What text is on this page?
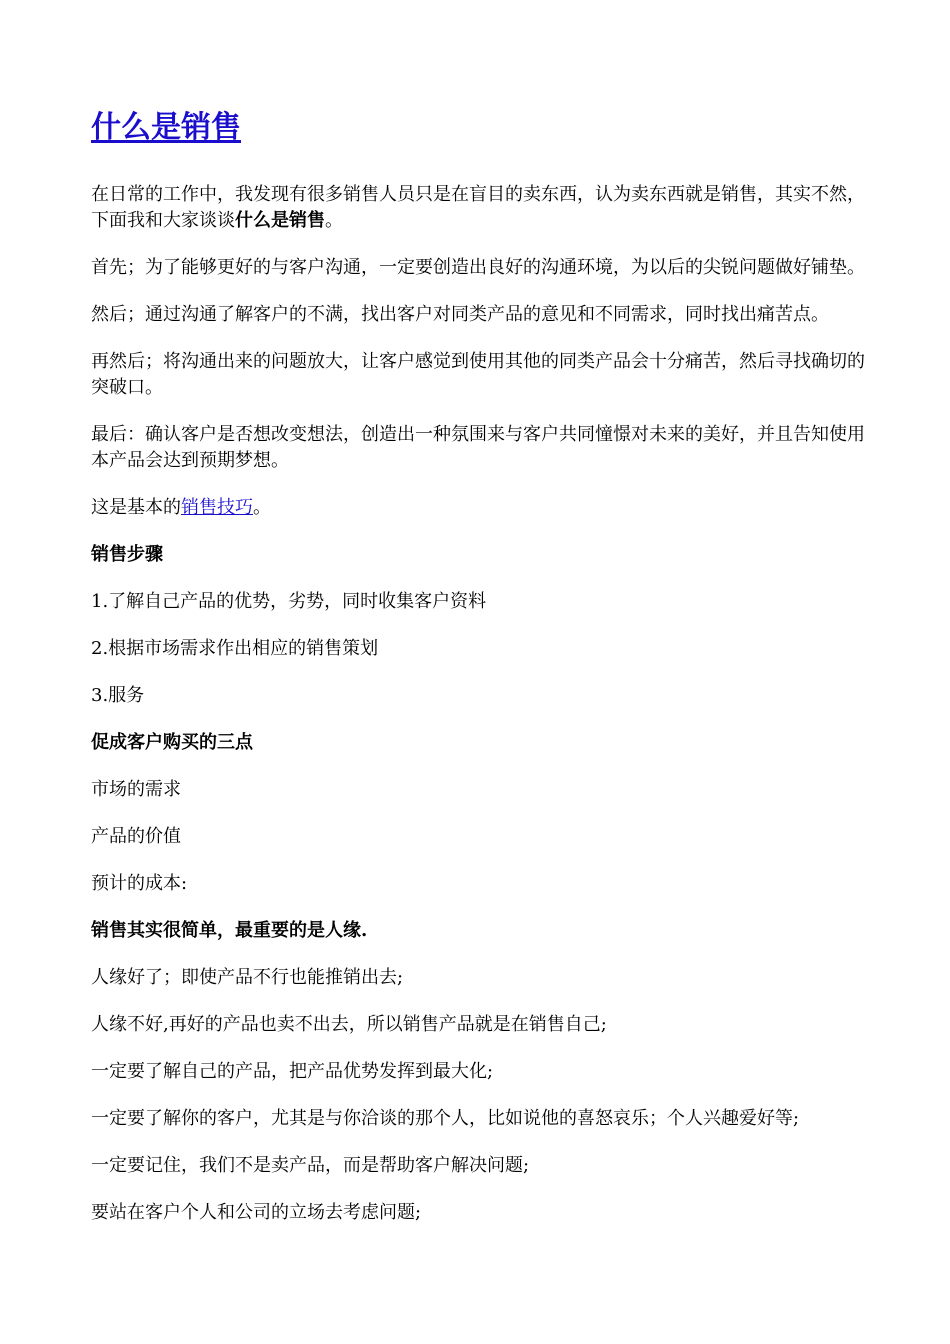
什么是销售

在日常的工作中，我发现有很多销售人员只是在盲目的卖东西，认为卖东西就是销售，其实不然，下面我和大家谈谈什么是销售。

首先；为了能够更好的与客户沟通，一定要创造出良好的沟通环境，为以后的尖锐问题做好铺垫。

然后；通过沟通了解客户的不满，找出客户对同类产品的意见和不同需求，同时找出痛苦点。

再然后；将沟通出来的问题放大，让客户感觉到使用其他的同类产品会十分痛苦，然后寻找确切的突破口。

最后：确认客户是否想改变想法，创造出一种氛围来与客户共同憧憬对未来的美好，并且告知使用本产品会达到预期梦想。

这是基本的销售技巧。

销售步骤

1.了解自己产品的优势，劣势，同时收集客户资料

2.根据市场需求作出相应的销售策划

3.服务

促成客户购买的三点

市场的需求

产品的价值

预计的成本:

销售其实很简单，最重要的是人缘.

人缘好了；即使产品不行也能推销出去;

人缘不好,再好的产品也卖不出去，所以销售产品就是在销售自己;

一定要了解自己的产品，把产品优势发挥到最大化;

一定要了解你的客户，尤其是与你洽谈的那个人，比如说他的喜怒哀乐；个人兴趣爱好等;

一定要记住，我们不是卖产品，而是帮助客户解决问题;

要站在客户个人和公司的立场去考虑问题;
